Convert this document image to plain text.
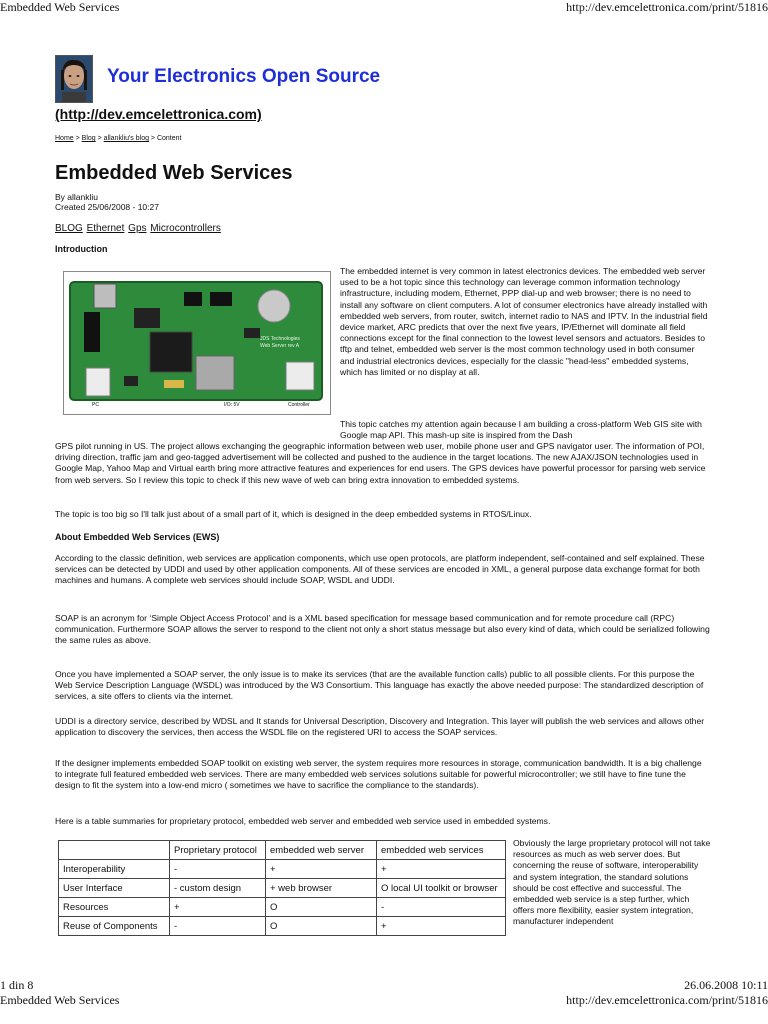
Embedded Web Services	http://dev.emcelettronica.com/print/51816
Your Electronics Open Source
(http://dev.emcelettronica.com)
Home > Blog > allankliu's blog > Content
Embedded Web Services
By allankliu
Created 25/06/2008 - 10:27
BLOG Ethernet Gps Microcontrollers
Introduction
JDS Technologies
Web Server rev A
PC	I/O: 5V	Controller
The embedded internet is very common in latest electronics devices. The embedded web server used to be a hot topic since this technology can leverage common information technology infrastructure, including modem, Ethernet, PPP dial-up and web browser; there is no need to install any software on client computers. A lot of consumer electronics have already installed with embedded web servers, from router, switch, internet radio to NAS and IPTV. In the industrial field device market, ARC predicts that over the next five years, IP/Ethernet will dominate all field connections except for the final connection to the lowest level sensors and actuators. Besides to tftp and telnet, embedded web server is the most common technology used in both consumer and industrial electronics devices, especially for the classic "head-less" embedded systems, which has limited or no display at all.
This topic catches my attention again because I am building a cross-platform Web GIS site with Google map API. This mash-up site is inspired from the Dash
GPS pilot running in US. The project allows exchanging the geographic information between web user, mobile phone user and GPS navigator user. The information of POI, driving direction, traffic jam and geo-tagged advertisement will be collected and pushed to the audience in the target locations. The new AJAX/JSON technologies used in Google Map, Yahoo Map and Virtual earth bring more attractive features and experiences for end users. The GPS devices have powerful processor for parsing web service from web servers. So I review this topic to check if this new wave of web can bring extra innovation to embedded systems.
The topic is too big so I'll talk just about of a small part of it, which is designed in the deep embedded systems in RTOS/Linux.
About Embedded Web Services (EWS)
According to the classic definition, web services are application components, which use open protocols, are platform independent, self-contained and self explained. These services can be detected by UDDI and used by other application components. All of these services are encoded in XML, a general purpose data exchange format for both machines and humans. A complete web services should include SOAP, WSDL and UDDI.
SOAP is an acronym for ‘Simple Object Access Protocol’ and is a XML based specification for message based communication and for remote procedure call (RPC) communication. Furthermore SOAP allows the server to respond to the client not only a short status message but also every kind of data, which could be serialized following the same rules as above.
Once you have implemented a SOAP server, the only issue is to make its services (that are the available function calls) public to all possible clients. For this purpose the Web Service Description Language (WSDL) was introduced by the W3 Consortium. This language has exactly the above needed purpose: The standardized description of services, a site offers to clients via the internet.
UDDI is a directory service, described by WDSL and It stands for Universal Description, Discovery and Integration. This layer will publish the web services and allows other application to discovery the services, then access the WSDL file on the registered URI to access the SOAP services.
If the designer implements embedded SOAP toolkit on existing web server, the system requires more resources in storage, communication bandwidth. It is a big challenge to integrate full featured embedded web services. There are many embedded web services solutions suitable for powerful microcontroller; we still have to fine tune the design to fit the system into a low-end micro ( sometimes we have to sacrifice the compliance to the standards).
Here is a table summaries for proprietary protocol, embedded web server and embedded web service used in embedded systems.
	Proprietary protocol	embedded web server	embedded web services
Interoperability	-	+	+
User Interface	- custom design	+ web browser	O local UI toolkit or browser
Resources	+	O	-
Reuse of Components	-	O	+
Obviously the large proprietary protocol will not take resources as much as web server does. But concerning the reuse of software, interoperability and system integration, the standard solutions should be cost effective and successful. The embedded web service is a step further, which offers more flexibility, easier system integration, manufacturer independent
1 din 8	26.06.2008 10:11
Embedded Web Services	http://dev.emcelettronica.com/print/51816
